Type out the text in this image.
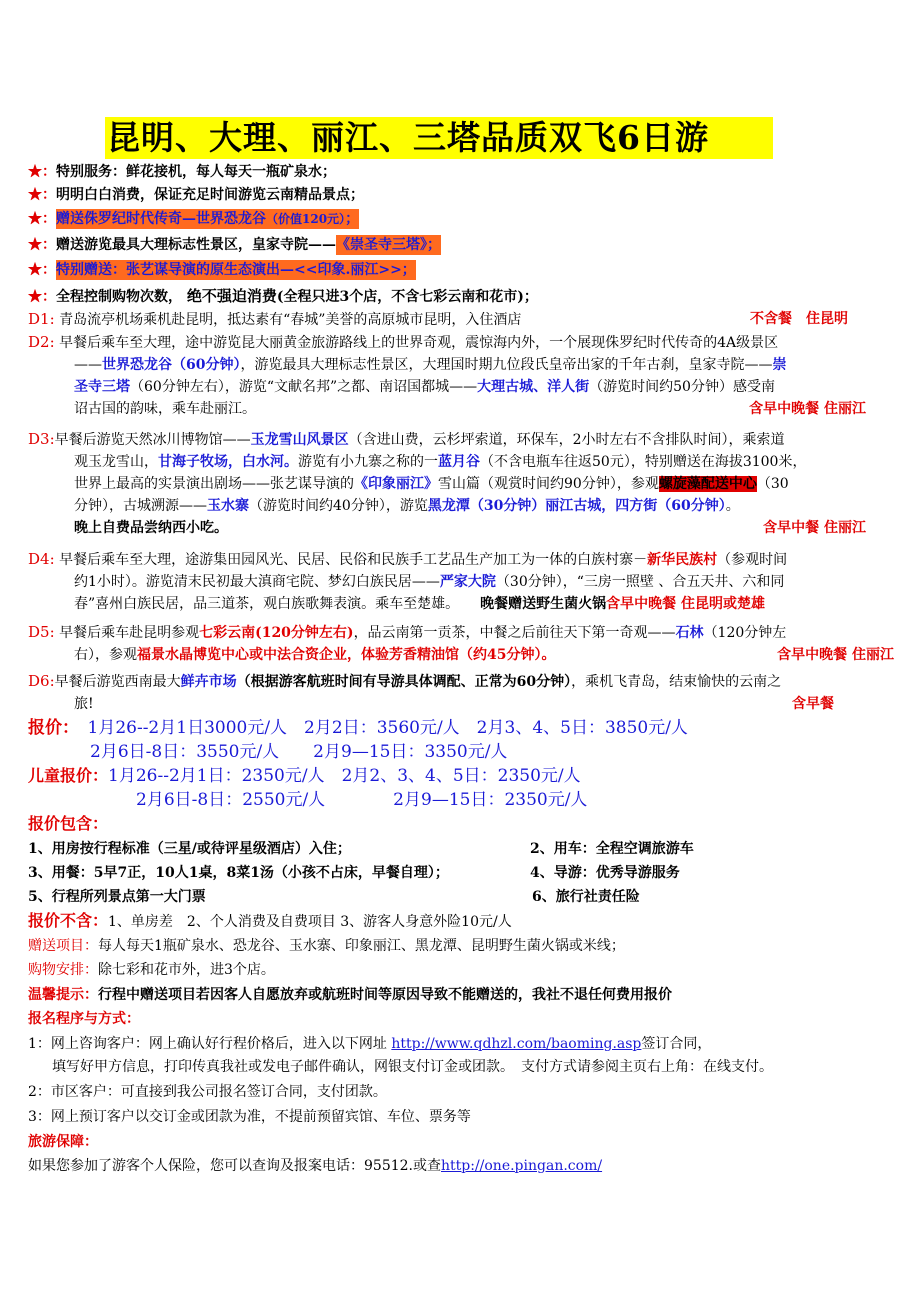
昆明、大理、丽江、三塔品质双飞6日游
★：特别服务：鲜花接机，每人每天一瓶矿泉水；
★：明明白白消费，保证充足时间游览云南精品景点；
★：赠送侏罗纪时代传奇—世界恐龙谷（价值120元）；
★：赠送游览最具大理标志性景区，皇家寺院——《崇圣寺三塔》；
★：特别赠送：张艺谋导演的原生态演出—<<印象.丽江>>；
★：全程控制购物次数， 绝不强迫消费(全程只进3个店，不含七彩云南和花市)；
D1: 青岛流亭机场乘机赴昆明，抵达素有“春城”美誉的高原城市昆明，入住酒店	不含餐　 住昆明
D2: 早餐后乘车至大理，途中游览昆大丽黄金旅游路线上的世界奇观，震惊海内外，一个展现侏罗纪时代传奇的4A级景区
——世界恐龙谷（60分钟），游览最具大理标志性景区，大理国时期九位段氏皇帝出家的千年古刹，皇家寺院——崇
圣寺三塔（60分钟左右），游览“文献名邦”之都、南诏国都城——大理古城、洋人街（游览时间约50分钟）感受南
诏古国的韵味，乘车赴丽江。	含早中晚餐 住丽江
D3:早餐后游览天然冰川博物馆——玉龙雪山风景区（含进山费，云杉坪索道，环保车，2小时左右不含排队时间），乘索道
观玉龙雪山，甘海子牧场，白水河。游览有小九寨之称的一蓝月谷（不含电瓶车往返50元），特别赠送在海拔3100米，
世界上最高的实景演出剧场——张艺谋导演的《印象丽江》雪山篇（观赏时间约90分钟），参观螺旋藻配送中心（30
分钟），古城溯源——玉水寨（游览时间约40分钟），游览黑龙潭（30分钟）丽江古城，四方街（60分钟）。
晚上自费品尝纳西小吃。	含早中餐 住丽江
D4: 早餐后乘车至大理，途游集田园风光、民居、民俗和民族手工艺品生产加工为一体的白族村寨－新华民族村（参观时间
约1小时）。游览清末民初最大滇商宅院、梦幻白族民居——严家大院（30分钟），“三房一照壁 、合五天井、六和同
春”喜州白族民居，品三道茶，观白族歌舞表演。乘车至楚雄。　　 晚餐赠送野生菌火锅含早中晚餐 住昆明或楚雄
D5: 早餐后乘车赴昆明参观七彩云南(120分钟左右)，品云南第一贡茶，中餐之后前往天下第一奇观——石林（120分钟左
右），参观福景水晶博览中心或中法合资企业，体验芳香精油馆（约45分钟）。	含早中晚餐 住丽江
D6:早餐后游览西南最大鲜卉市场（根据游客航班时间有导游具体调配、正常为60分钟），乘机飞青岛，结束愉快的云南之
旅!	含早餐
报价：　 1月26--2月1日3000元/人　2月2日：3560元/人　2月3、4、5日：3850元/人
2月6日-8日：3550元/人　　2月9—15日：3350元/人
儿童报价：1月26--2月1日：2350元/人　2月2、3、4、5日：2350元/人
2月6日-8日：2550元/人　　　　2月9—15日：2350元/人
报价包含：
1、用房按行程标准（三星/或待评星级酒店）入住；	2、用车：全程空调旅游车
3、用餐：5早7正，10人1桌，8菜1汤（小孩不占床，早餐自理）；	4、导游：优秀导游服务
5、行程所列景点第一大门票	6、旅行社责任险
报价不含：1、单房差　2、个人消费及自费项目 3、游客人身意外险10元/人
赠送项目：每人每天1瓶矿泉水、恐龙谷、玉水寨、印象丽江、黑龙潭、昆明野生菌火锅或米线；
购物安排：除七彩和花市外，进3个店。
温馨提示：行程中赠送项目若因客人自愿放弃或航班时间等原因导致不能赠送的，我社不退任何费用报价
报名程序与方式：
1：网上咨询客户：网上确认好行程价格后，进入以下网址 http://www.qdhzl.com/baoming.asp签订合同，
填写好甲方信息，打印传真我社或发电子邮件确认，网银支付订金或团款。　支付方式请参阅主页右上角：在线支付。
2：市区客户：可直接到我公司报名签订合同，支付团款。
3：网上预订客户以交订金或团款为准，不提前预留宾馆、车位、票务等
旅游保障：
如果您参加了游客个人保险，您可以查询及报案电话：95512.或查http://one.pingan.com/
